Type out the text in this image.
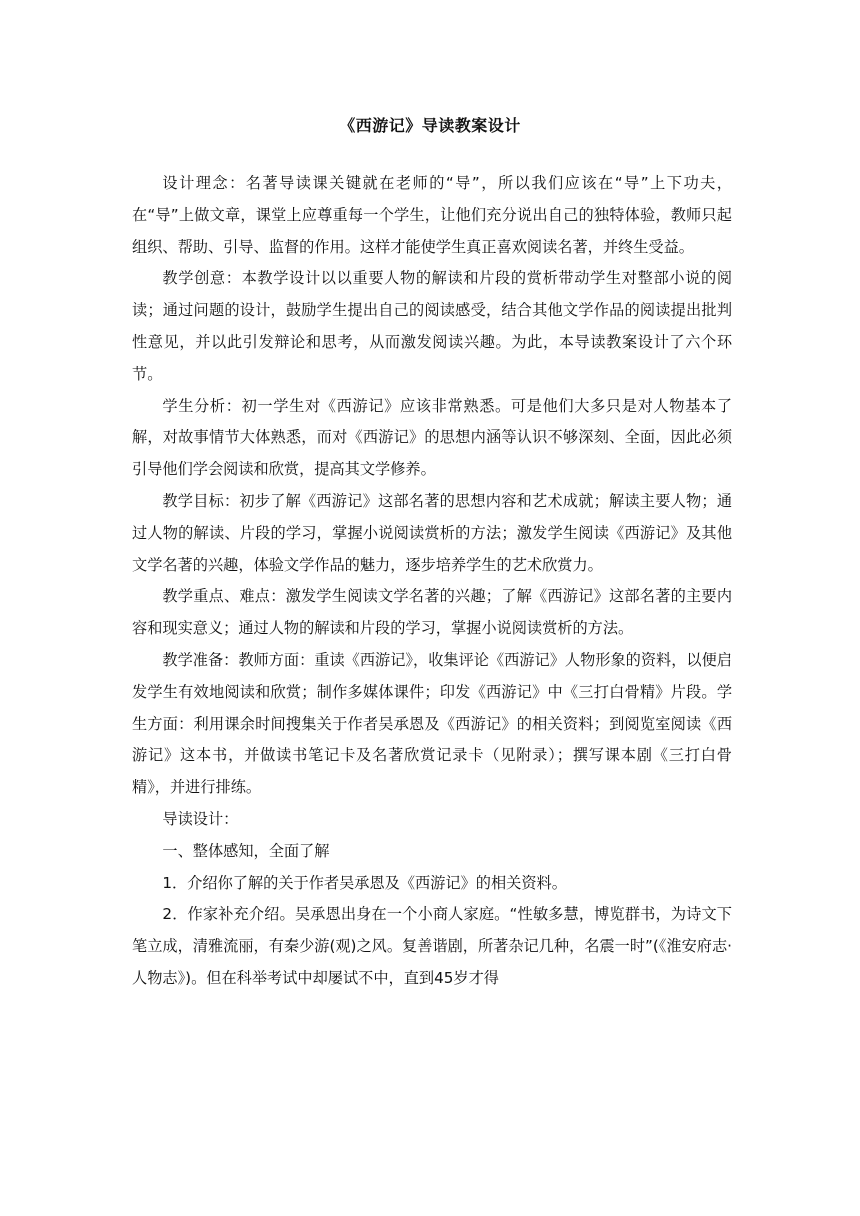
《西游记》导读教案设计

设计理念：名著导读课关键就在老师的“导”，所以我们应该在“导”上下功夫，在“导”上做文章，课堂上应尊重每一个学生，让他们充分说出自己的独特体验，教师只起组织、帮助、引导、监督的作用。这样才能使学生真正喜欢阅读名著，并终生受益。

教学创意：本教学设计以以重要人物的解读和片段的赏析带动学生对整部小说的阅读；通过问题的设计，鼓励学生提出自己的阅读感受，结合其他文学作品的阅读提出批判性意见，并以此引发辩论和思考，从而激发阅读兴趣。为此，本导读教案设计了六个环节。

学生分析：初一学生对《西游记》应该非常熟悉。可是他们大多只是对人物基本了解，对故事情节大体熟悉，而对《西游记》的思想内涵等认识不够深刻、全面，因此必须引导他们学会阅读和欣赏，提高其文学修养。

教学目标：初步了解《西游记》这部名著的思想内容和艺术成就；解读主要人物；通过人物的解读、片段的学习，掌握小说阅读赏析的方法；激发学生阅读《西游记》及其他文学名著的兴趣，体验文学作品的魅力，逐步培养学生的艺术欣赏力。

教学重点、难点：激发学生阅读文学名著的兴趣；了解《西游记》这部名著的主要内容和现实意义；通过人物的解读和片段的学习，掌握小说阅读赏析的方法。

教学准备：教师方面：重读《西游记》，收集评论《西游记》人物形象的资料，以便启发学生有效地阅读和欣赏；制作多媒体课件；印发《西游记》中《三打白骨精》片段。学生方面：利用课余时间搜集关于作者吴承恩及《西游记》的相关资料；到阅览室阅读《西游记》这本书，并做读书笔记卡及名著欣赏记录卡（见附录）；撰写课本剧《三打白骨精》，并进行排练。

导读设计：

一、整体感知，全面了解

1．介绍你了解的关于作者吴承恩及《西游记》的相关资料。

2．作家补充介绍。吴承恩出身在一个小商人家庭。“性敏多慧，博览群书，为诗文下笔立成，清雅流丽，有秦少游(观)之风。复善谐剧，所著杂记几种，名震一时”(《淮安府志·人物志》)。但在科举考试中却屡试不中，直到45岁才得
